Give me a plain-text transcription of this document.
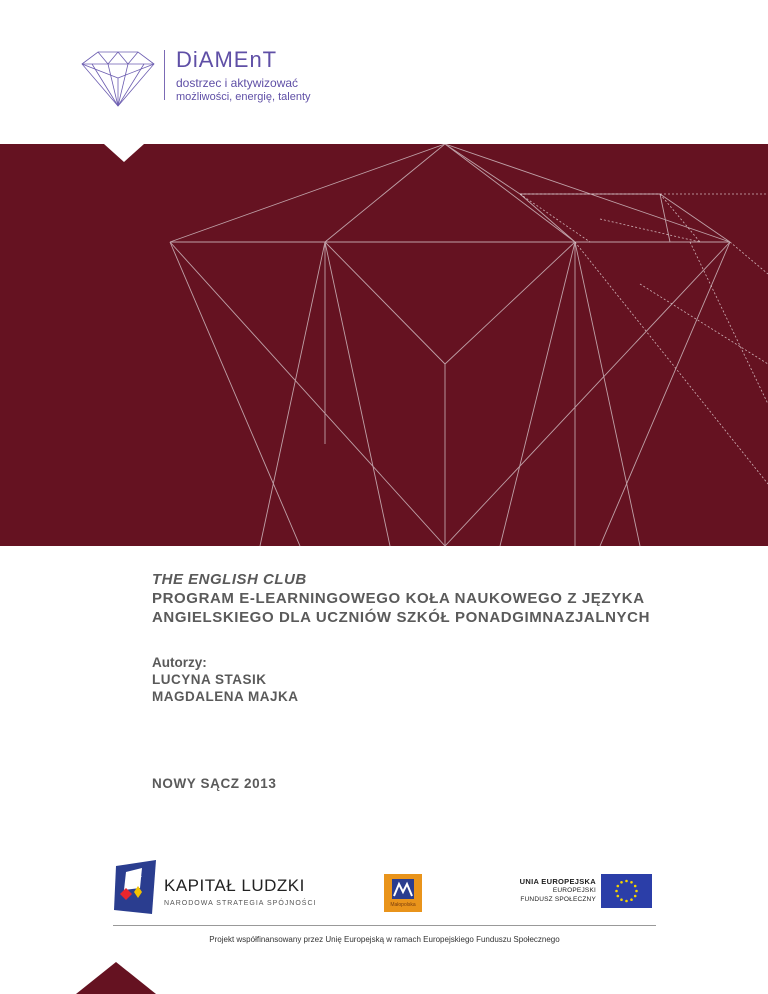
DiAMEnT
dostrzec i aktywizować
możliwości, energię, talenty
THE ENGLISH CLUB
PROGRAM E-LEARNINGOWEGO KOŁA NAUKOWEGO Z JĘZYKA
ANGIELSKIEGO DLA UCZNIÓW SZKÓŁ PONADGIMNAZJALNYCH
Autorzy:
LUCYNA STASIK
MAGDALENA MAJKA
NOWY SĄCZ 2013
KAPITAŁ LUDZKI
NARODOWA STRATEGIA SPÓJNOŚCI	Małopolska
UNIA EUROPEJSKA
EUROPEJSKI
FUNDUSZ SPOŁECZNY
Projekt współfinansowany przez Unię Europejską w ramach Europejskiego Funduszu Społecznego
